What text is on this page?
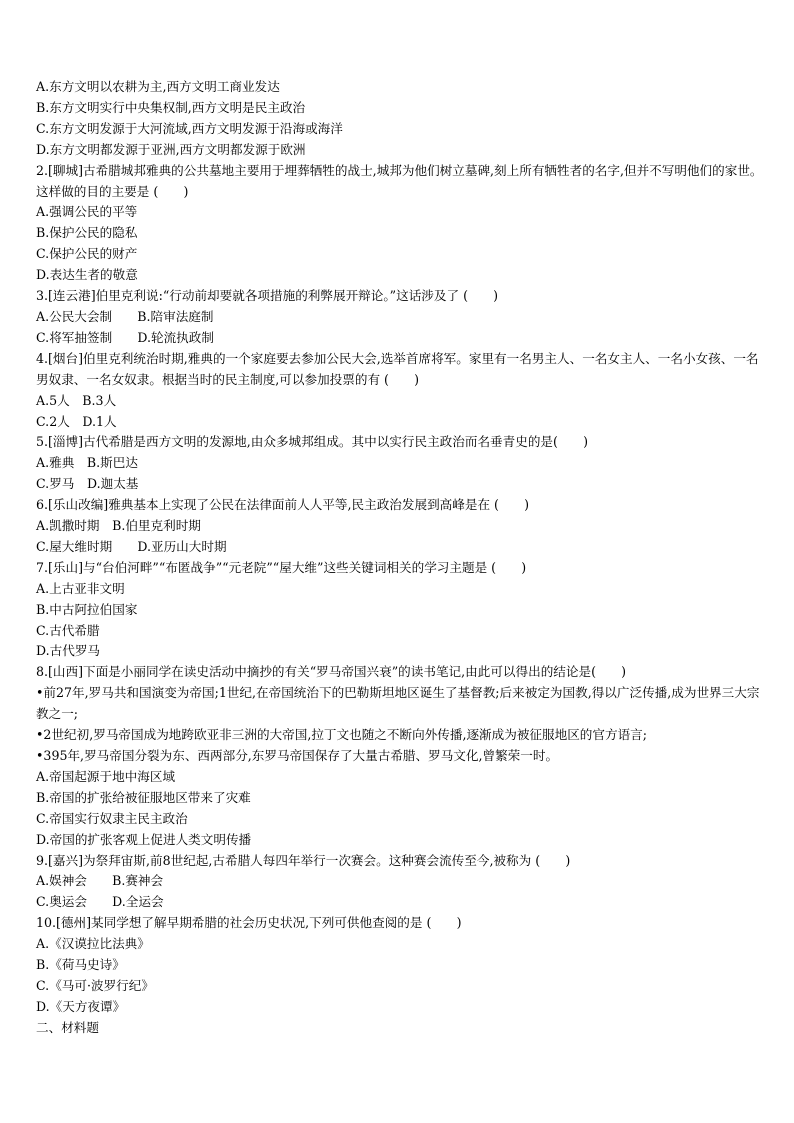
A.东方文明以农耕为主,西方文明工商业发达
B.东方文明实行中央集权制,西方文明是民主政治
C.东方文明发源于大河流域,西方文明发源于沿海或海洋
D.东方文明都发源于亚洲,西方文明都发源于欧洲
2.[聊城]古希腊城邦雅典的公共墓地主要用于埋葬牺牲的战士,城邦为他们树立墓碑,刻上所有牺牲者的名字,但并不写明他们的家世。这样做的目的主要是 (　　)
A.强调公民的平等
B.保护公民的隐私
C.保护公民的财产
D.表达生者的敬意
3.[连云港]伯里克利说:“行动前却要就各项措施的利弊展开辩论。”这话涉及了 (　　)
A.公民大会制　　B.陪审法庭制
C.将军抽签制　　D.轮流执政制
4.[烟台]伯里克利统治时期,雅典的一个家庭要去参加公民大会,选举首席将军。家里有一名男主人、一名女主人、一名小女孩、一名男奴隶、一名女奴隶。根据当时的民主制度,可以参加投票的有 (　　)
A.5人　B.3人
C.2人　D.1人
5.[淄博]古代希腊是西方文明的发源地,由众多城邦组成。其中以实行民主政治而名垂青史的是(　　)
A.雅典　B.斯巴达
C.罗马　D.迦太基
6.[乐山改编]雅典基本上实现了公民在法律面前人人平等,民主政治发展到高峰是在 (　　)
A.凯撒时期　B.伯里克利时期
C.屋大维时期　　D.亚历山大时期
7.[乐山]与“台伯河畔”“布匿战争”“元老院”“屋大维”这些关键词相关的学习主题是 (　　)
A.上古亚非文明
B.中古阿拉伯国家
C.古代希腊
D.古代罗马
8.[山西]下面是小丽同学在读史活动中摘抄的有关“罗马帝国兴衰”的读书笔记,由此可以得出的结论是(　　)
•前27年,罗马共和国演变为帝国;1世纪,在帝国统治下的巴勒斯坦地区诞生了基督教;后来被定为国教,得以广泛传播,成为世界三大宗教之一;
•2世纪初,罗马帝国成为地跨欧亚非三洲的大帝国,拉丁文也随之不断向外传播,逐渐成为被征服地区的官方语言;
•395年,罗马帝国分裂为东、西两部分,东罗马帝国保存了大量古希腊、罗马文化,曾繁荣一时。
A.帝国起源于地中海区域
B.帝国的扩张给被征服地区带来了灾难
C.帝国实行奴隶主民主政治
D.帝国的扩张客观上促进人类文明传播
9.[嘉兴]为祭拜宙斯,前8世纪起,古希腊人每四年举行一次赛会。这种赛会流传至今,被称为 (　　)
A.娱神会　　B.赛神会
C.奥运会　　D.全运会
10.[德州]某同学想了解早期希腊的社会历史状况,下列可供他查阅的是 (　　)
A.《汉谟拉比法典》
B.《荷马史诗》
C.《马可·波罗行纪》
D.《天方夜谭》
二、材料题
